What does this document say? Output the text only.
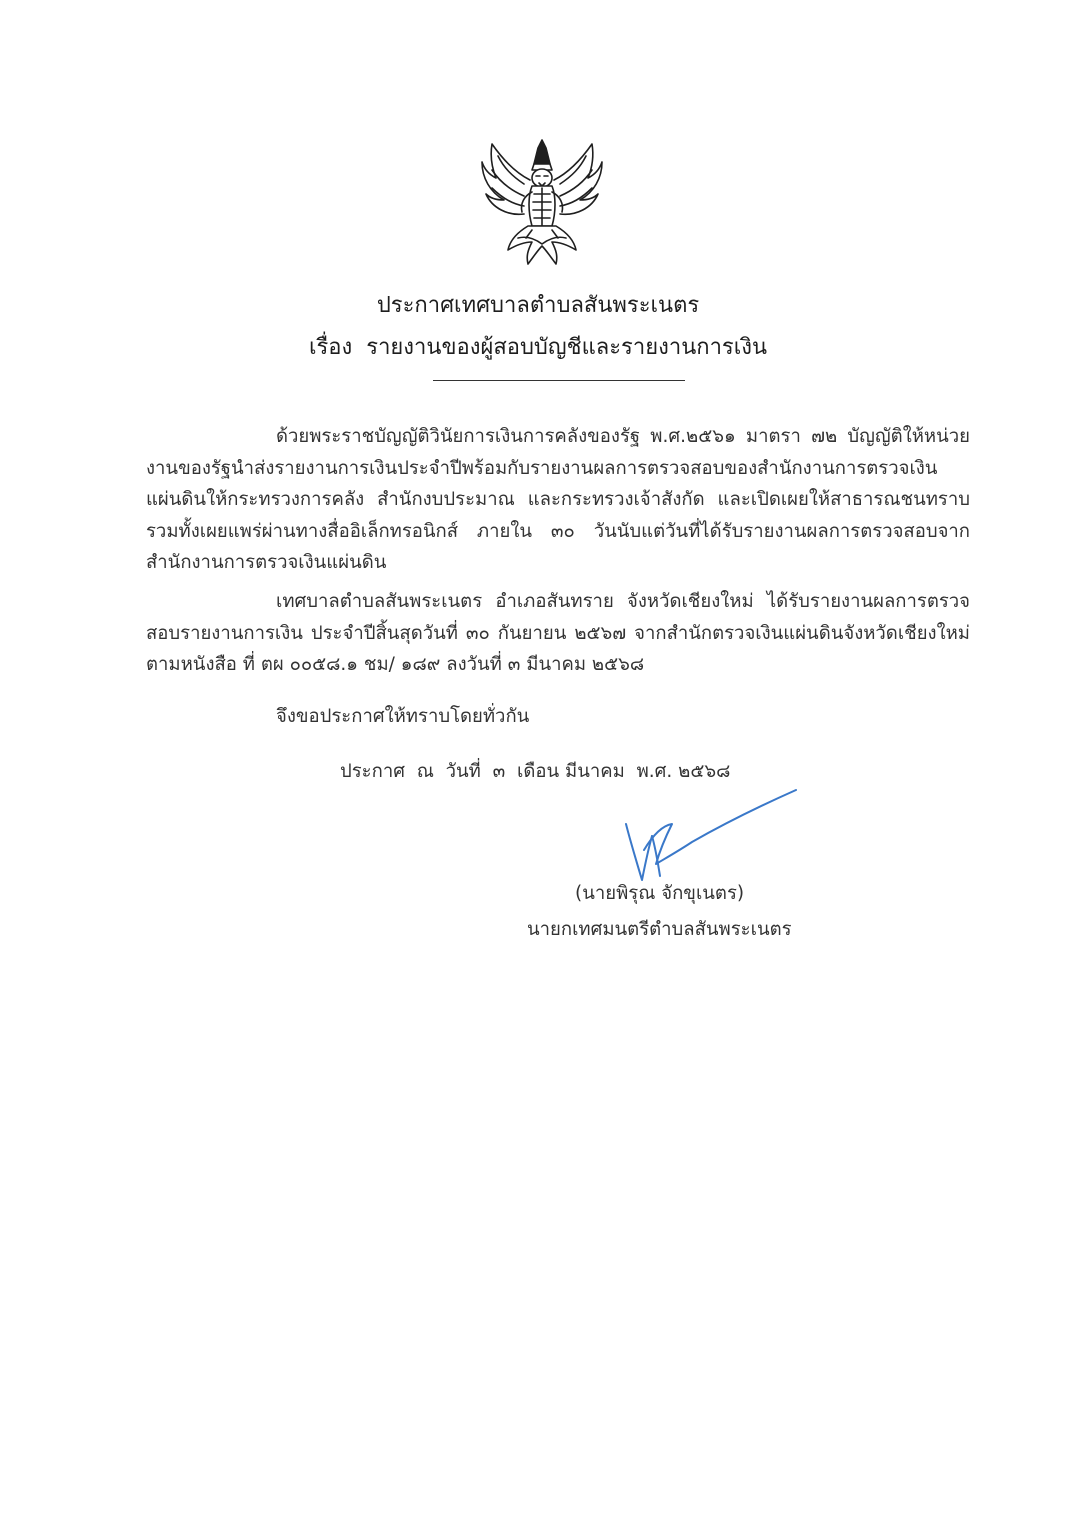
ประกาศเทศบาลตำบลสันพระเนตร
เรื่อง รายงานของผู้สอบบัญชีและรายงานการเงิน
ด้วยพระราชบัญญัติวินัยการเงินการคลังของรัฐ พ.ศ.๒๕๖๑ มาตรา ๗๒ บัญญัติให้หน่วยงานของรัฐนำส่งรายงานการเงินประจำปีพร้อมกับรายงานผลการตรวจสอบของสำนักงานการตรวจเงินแผ่นดินให้กระทรวงการคลัง สำนักงบประมาณ และกระทรวงเจ้าสังกัด และเปิดเผยให้สาธารณชนทราบ รวมทั้งเผยแพร่ผ่านทางสื่ออิเล็กทรอนิกส์ ภายใน ๓๐ วันนับแต่วันที่ได้รับรายงานผลการตรวจสอบจากสำนักงานการตรวจเงินแผ่นดิน
เทศบาลตำบลสันพระเนตร อำเภอสันทราย จังหวัดเชียงใหม่ ได้รับรายงานผลการตรวจสอบรายงานการเงิน ประจำปีสิ้นสุดวันที่ ๓๐ กันยายน ๒๕๖๗ จากสำนักตรวจเงินแผ่นดินจังหวัดเชียงใหม่ตามหนังสือ ที่ ตผ ๐๐๕๘.๑ ชม/ ๑๘๙ ลงวันที่ ๓ มีนาคม ๒๕๖๘
จึงขอประกาศให้ทราบโดยทั่วกัน
ประกาศ  ณ  วันที่  ๓  เดือน มีนาคม  พ.ศ. ๒๕๖๘
(นายพิรุณ จักขุเนตร)
นายกเทศมนตรีตำบลสันพระเนตร
